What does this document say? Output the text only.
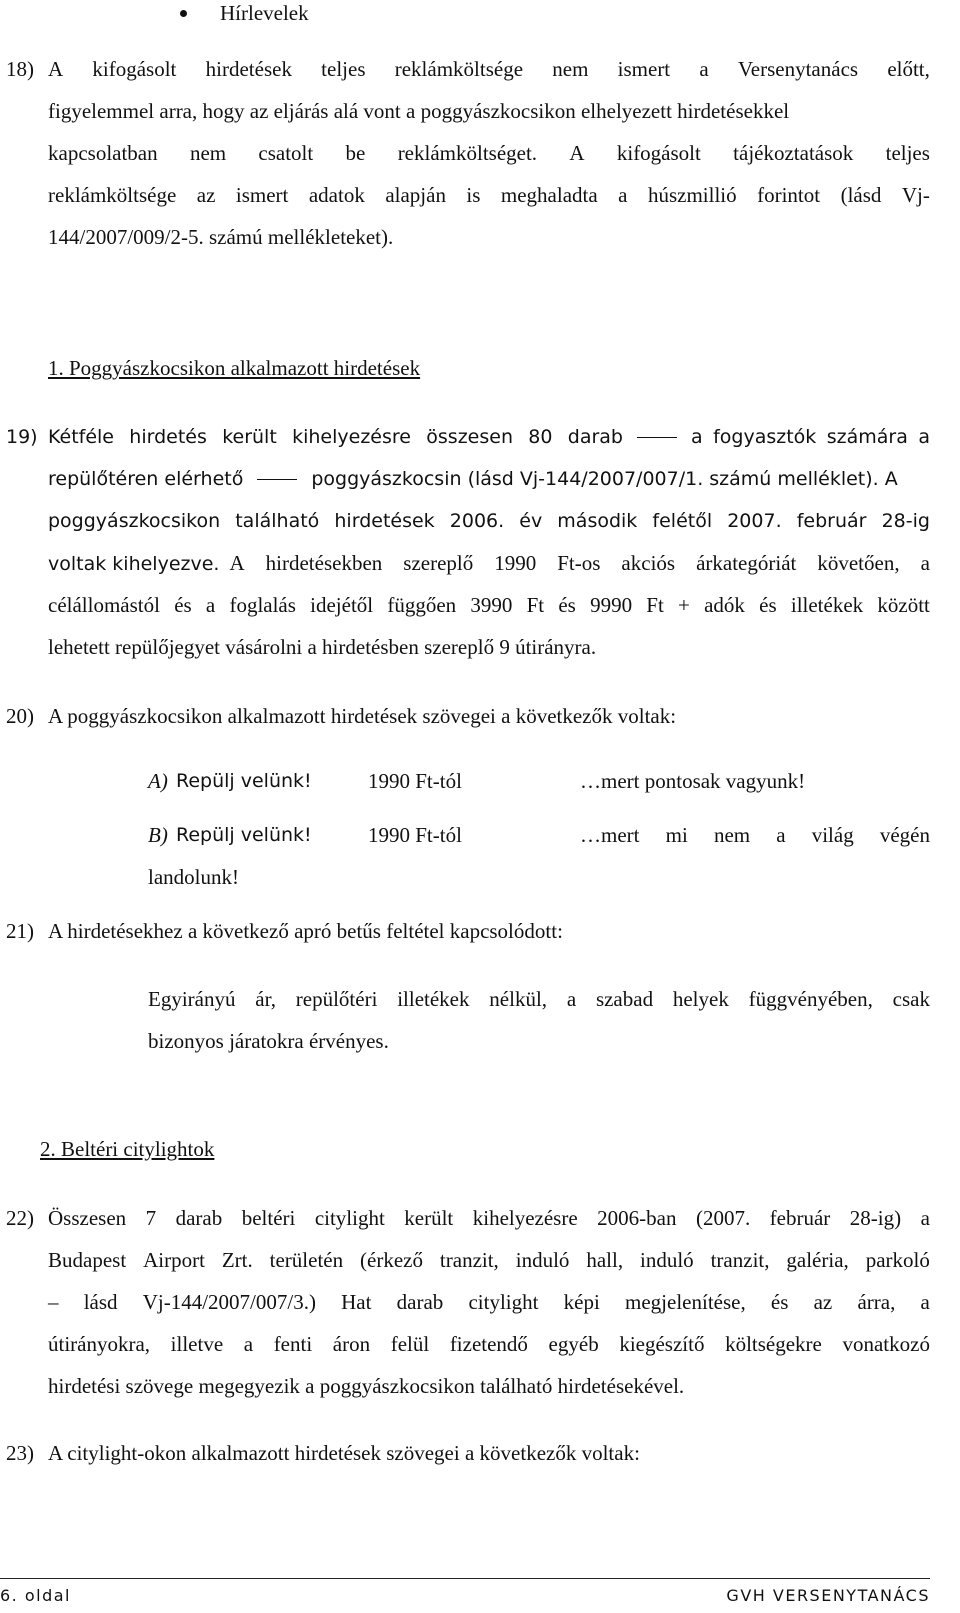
Hírlevelek
18) A kifogásolt hirdetések teljes reklámköltsége nem ismert a Versenytanács előtt,
figyelemmel arra, hogy az eljárás alá vont a poggyászkocsikon elhelyezett hirdetésekkel
kapcsolatban nem csatolt be reklámköltséget. A kifogásolt tájékoztatások teljes
reklámköltsége az ismert adatok alapján is meghaladta a húszmillió forintot (lásd Vj-
144/2007/009/2-5. számú mellékleteket).
1. Poggyászkocsikon alkalmazott hirdetések
19) Kétféle hirdetés került kihelyezésre összesen 80 darab	a fogyasztók számára a
repülőtéren elérhető	poggyászkocsin (lásd Vj-144/2007/007/1. számú melléklet). A
poggyászkocsikon található hirdetések 2006. év második felétől 2007. február 28-ig
voltak kihelyezve. A hirdetésekben szereplő 1990 Ft-os akciós árkategóriát követően, a
célállomástól és a foglalás idejétől függően 3990 Ft és 9990 Ft + adók és illetékek között
lehetett repülőjegyet vásárolni a hirdetésben szereplő 9 útirányra.
20) A poggyászkocsikon alkalmazott hirdetések szövegei a következők voltak:
A) Repülj velünk!	1990 Ft-tól	…mert pontosak vagyunk!
B) Repülj velünk!	1990 Ft-tól	…mert mi nem a világ végén
landolunk!
21) A hirdetésekhez a következő apró betűs feltétel kapcsolódott:
Egyirányú ár, repülőtéri illetékek nélkül, a szabad helyek függvényében, csak
bizonyos járatokra érvényes.
2. Beltéri citylightok
22) Összesen 7 darab beltéri citylight került kihelyezésre 2006-ban (2007. február 28-ig) a
Budapest Airport Zrt. területén (érkező tranzit, induló hall, induló tranzit, galéria, parkoló
– lásd Vj-144/2007/007/3.) Hat darab citylight képi megjelenítése, és az árra, a
útirányokra, illetve a fenti áron felül fizetendő egyéb kiegészítő költségekre vonatkozó
hirdetési szövege megegyezik a poggyászkocsikon található hirdetésekével.
23) A citylight-okon alkalmazott hirdetések szövegei a következők voltak:
6. oldal	GVH VERSENYTANÁCS
